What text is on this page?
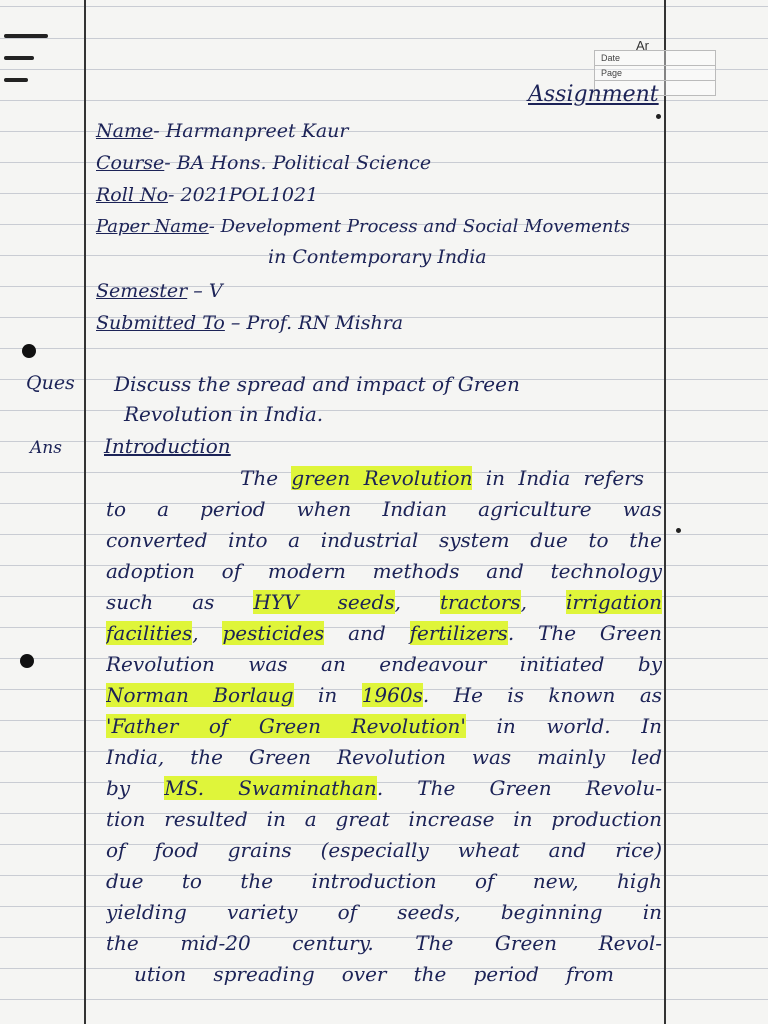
Ar
Date
Page
Assignment
Name- Harmanpreet Kaur
Course- BA Hons. Political Science
Roll No- 2021POL1021
Paper Name- Development Process and Social Movements
in Contemporary India
Semester – V
Submitted To – Prof. RN Mishra
Ques Discuss the spread and impact of Green
Revolution in India.
Ans Introduction
The green Revolution in India refers
to a period when Indian agriculture was
converted into a industrial system due to the
adoption of modern methods and technology
such as HYV seeds, tractors, irrigation
facilities, pesticides and fertilizers. The Green
Revolution was an endeavour initiated by
Norman Borlaug in 1960s. He is known as
'Father of Green Revolution' in world. In
India, the Green Revolution was mainly led
by MS. Swaminathan. The Green Revolu-
tion resulted in a great increase in production
of food grains (especially wheat and rice)
due to the introduction of new, high
yielding variety of seeds, beginning in
the mid-20 century. The Green Revol-
ution spreading over the period from
